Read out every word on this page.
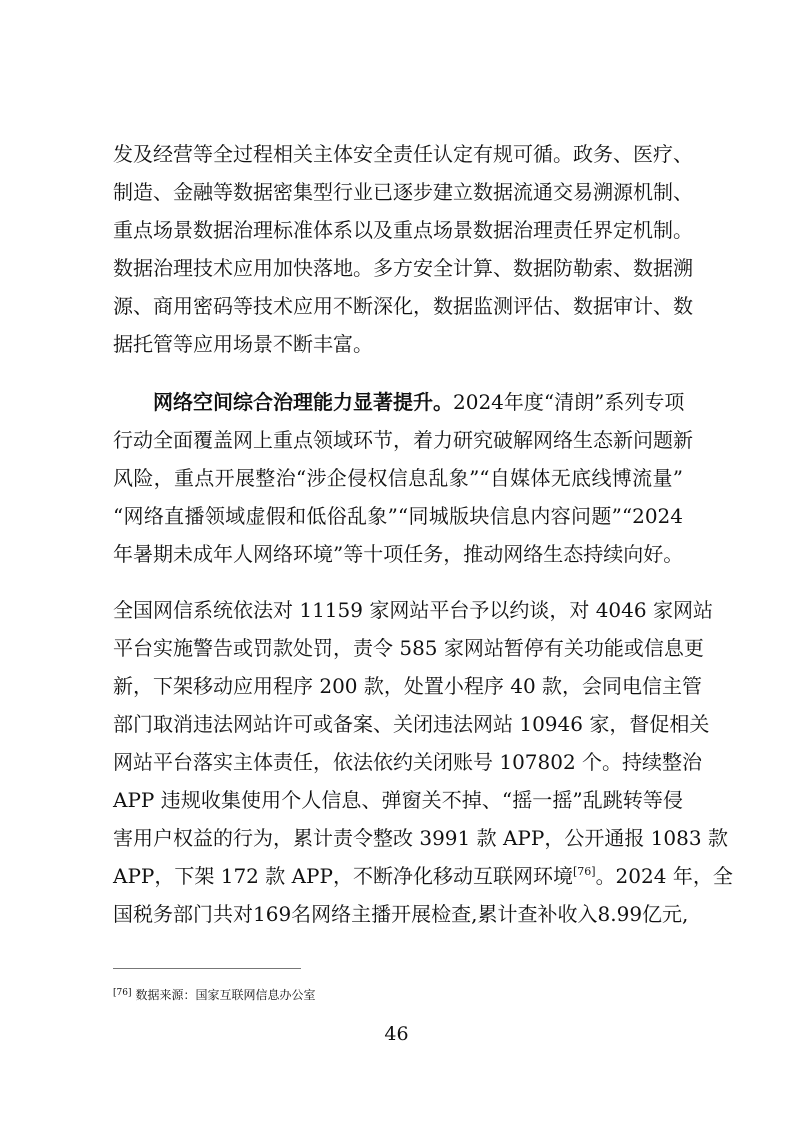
发及经营等全过程相关主体安全责任认定有规可循。政务、医疗、
制造、金融等数据密集型行业已逐步建立数据流通交易溯源机制、
重点场景数据治理标准体系以及重点场景数据治理责任界定机制。
数据治理技术应用加快落地。多方安全计算、数据防勒索、数据溯
源、商用密码等技术应用不断深化，数据监测评估、数据审计、数
据托管等应用场景不断丰富。
网络空间综合治理能力显著提升。2024年度“清朗”系列专项
行动全面覆盖网上重点领域环节，着力研究破解网络生态新问题新
风险，重点开展整治“涉企侵权信息乱象”“自媒体无底线博流量”
“网络直播领域虚假和低俗乱象”“同城版块信息内容问题”“2024
年暑期未成年人网络环境”等十项任务，推动网络生态持续向好。
全国网信系统依法对 11159 家网站平台予以约谈，对 4046 家网站
平台实施警告或罚款处罚，责令 585 家网站暂停有关功能或信息更
新，下架移动应用程序 200 款，处置小程序 40 款，会同电信主管
部门取消违法网站许可或备案、关闭违法网站 10946 家，督促相关
网站平台落实主体责任，依法依约关闭账号 107802 个。持续整治
APP 违规收集使用个人信息、弹窗关不掉、“摇一摇”乱跳转等侵
害用户权益的行为，累计责令整改 3991 款 APP，公开通报 1083 款
APP，下架 172 款 APP，不断净化移动互联网环境[76]。2024 年，全
国税务部门共对169名网络主播开展检查,累计查补收入8.99亿元,
[76] 数据来源：国家互联网信息办公室
46
